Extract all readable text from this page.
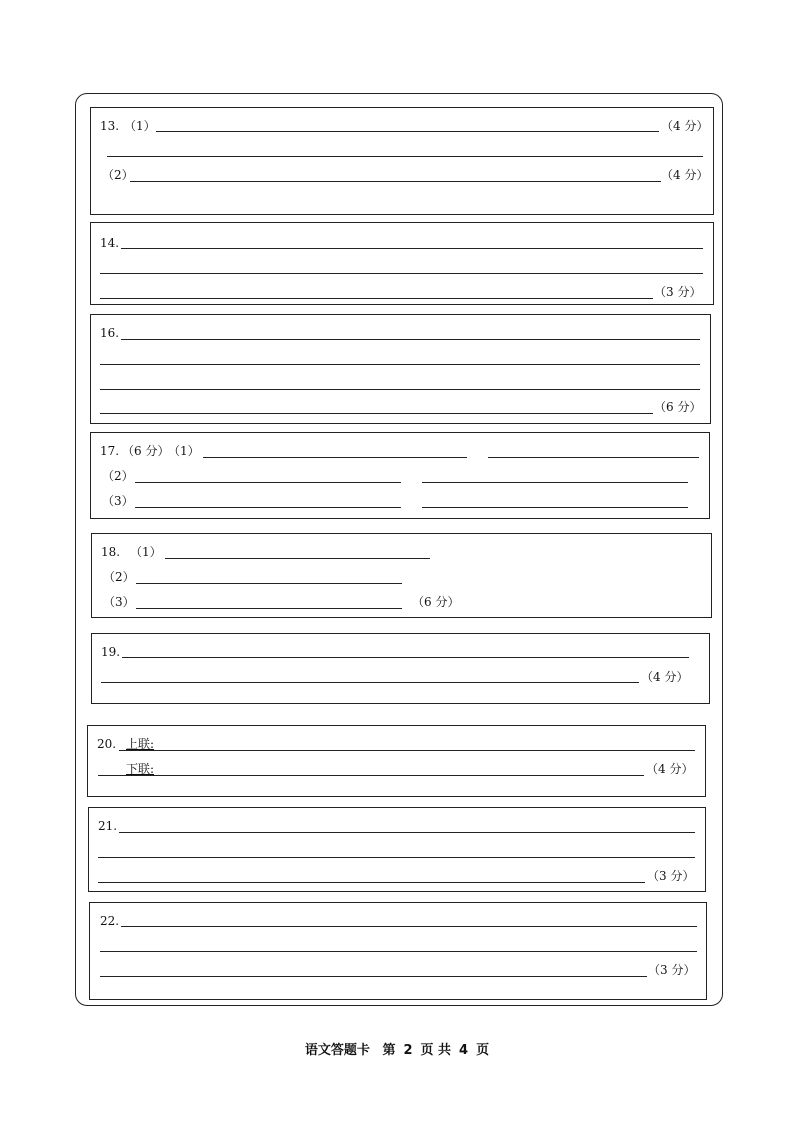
13. （1）	（4 分）
（2）	（4 分）
14.
（3 分）
16.
（6 分）
17. （6 分）
（1）
（2）
（3）
18. （1）
（2）
（3）	（6 分）
19.
（4 分）
20. 上联:
下联:	（4 分）
21.
（3 分）
22.
（3 分）
语文答题卡 第 2 页 共 4 页
